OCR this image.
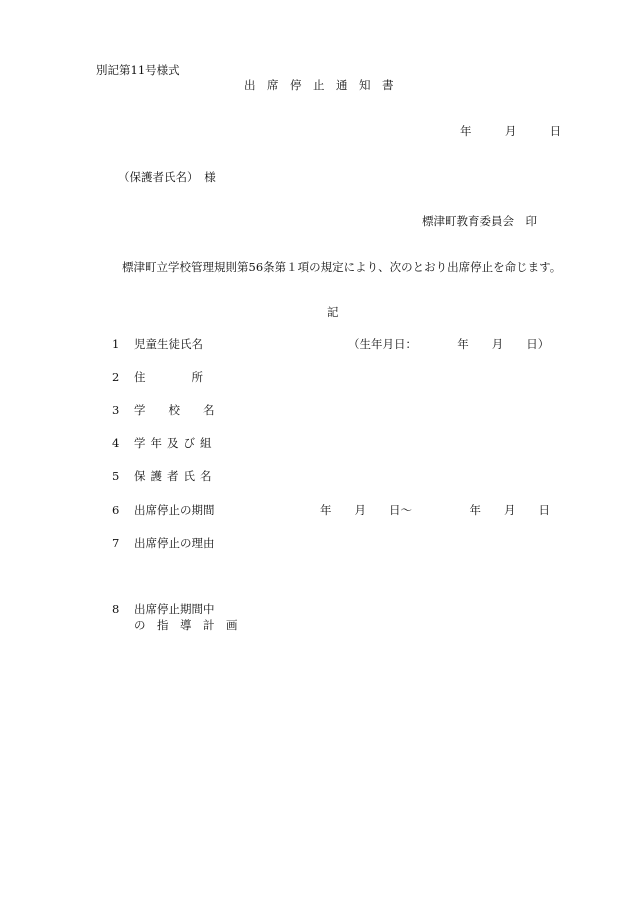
別記第11号様式
出　席　停　止　通　知　書
年	月	日
（保護者氏名）　様
標津町教育委員会　印
標津町立学校管理規則第56条第１項の規定により、次のとおり出席停止を命じます。
記
1	児童生徒氏名	（生年月日：　　　　年　　月　　日）
2	住　　　　所
3	学　　校　　名
4	学年及び組
5	保護者氏名
6	出席停止の期間	年　　月　　日〜　　　　　年　　月　　日
7	出席停止の理由
8	出席停止期間中
の　指　導　計　画
